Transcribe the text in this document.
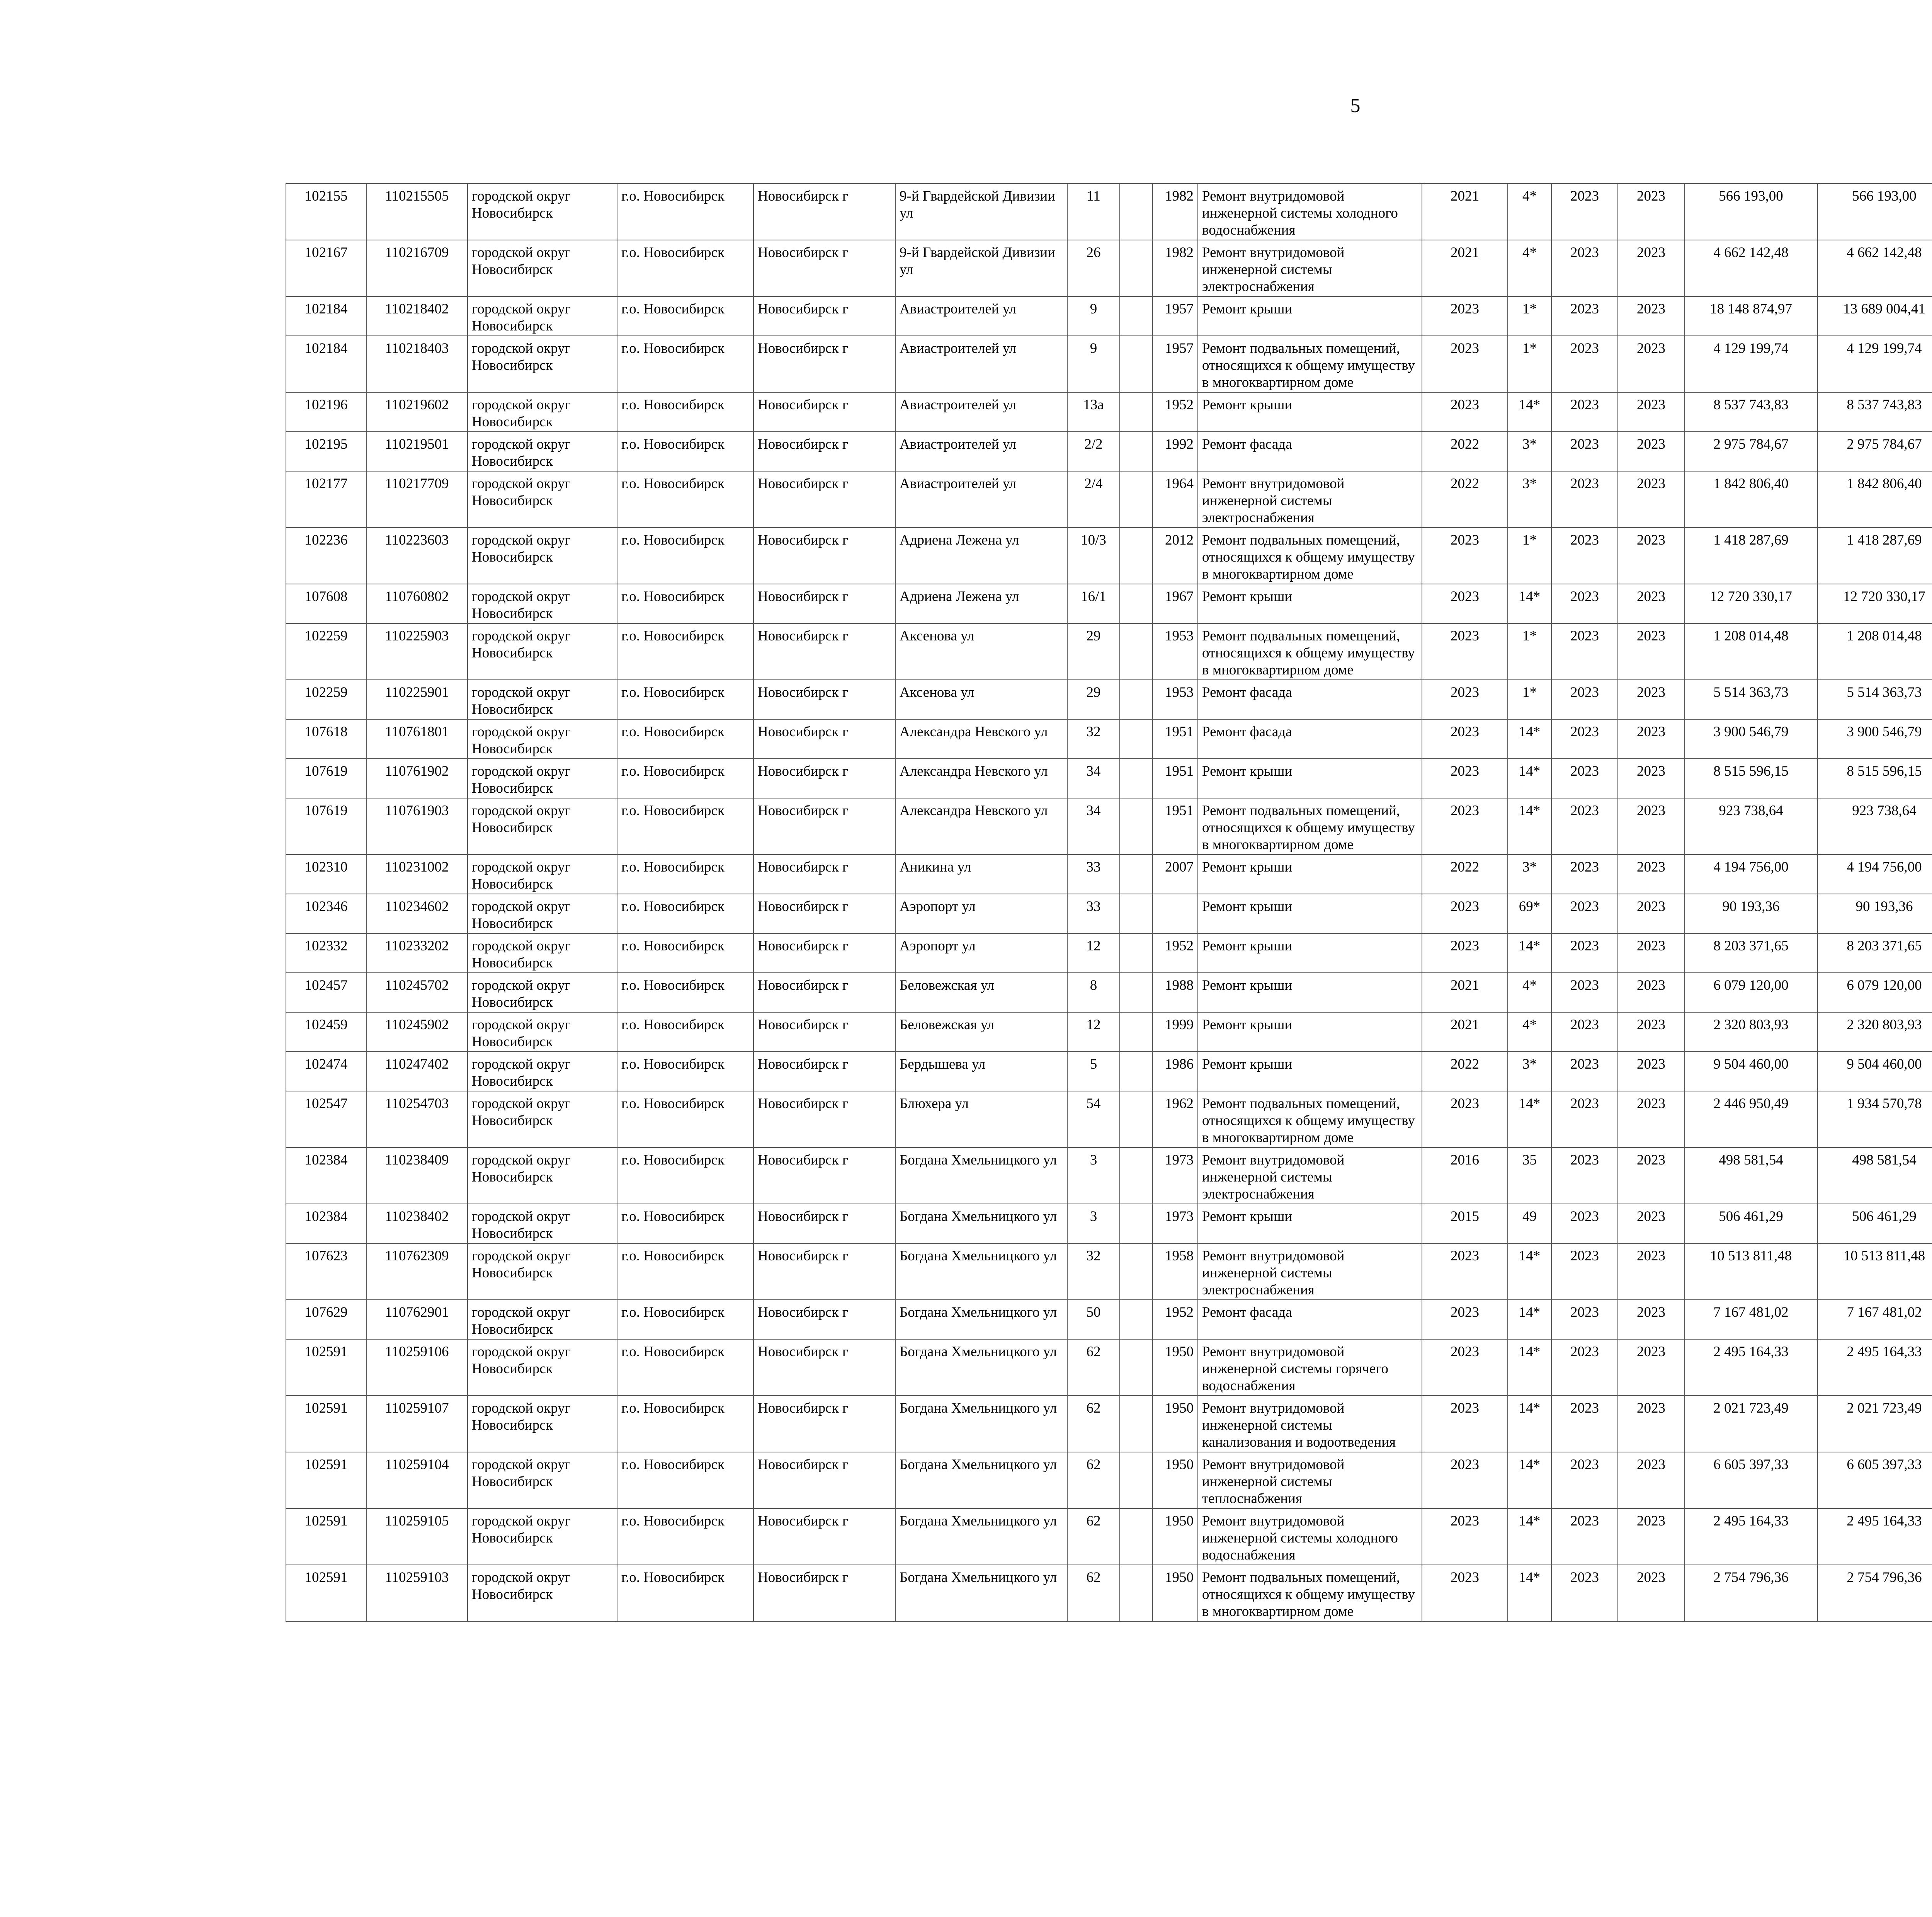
5
102155	110215505	городской округ Новосибирск	г.о. Новосибирск	Новосибирск г	9-й Гвардейской Дивизии ул	11		1982	Ремонт внутридомовой инженерной системы холодного водоснабжения	2021	4*	2023	2023	566 193,00	566 193,00						
102167	110216709	городской округ Новосибирск	г.о. Новосибирск	Новосибирск г	9-й Гвардейской Дивизии ул	26		1982	Ремонт внутридомовой инженерной системы электроснабжения	2021	4*	2023	2023	4 662 142,48	4 662 142,48						
102184	110218402	городской округ Новосибирск	г.о. Новосибирск	Новосибирск г	Авиастроителей ул	9		1957	Ремонт крыши	2023	1*	2023	2023	18 148 874,97	13 689 004,41						
102184	110218403	городской округ Новосибирск	г.о. Новосибирск	Новосибирск г	Авиастроителей ул	9		1957	Ремонт подвальных помещений, относящихся к общему имуществу в многоквартирном доме	2023	1*	2023	2023	4 129 199,74	4 129 199,74						
102196	110219602	городской округ Новосибирск	г.о. Новосибирск	Новосибирск г	Авиастроителей ул	13а		1952	Ремонт крыши	2023	14*	2023	2023	8 537 743,83	8 537 743,83						
102195	110219501	городской округ Новосибирск	г.о. Новосибирск	Новосибирск г	Авиастроителей ул	2/2		1992	Ремонт фасада	2022	3*	2023	2023	2 975 784,67	2 975 784,67						
102177	110217709	городской округ Новосибирск	г.о. Новосибирск	Новосибирск г	Авиастроителей ул	2/4		1964	Ремонт внутридомовой инженерной системы электроснабжения	2022	3*	2023	2023	1 842 806,40	1 842 806,40						
102236	110223603	городской округ Новосибирск	г.о. Новосибирск	Новосибирск г	Адриена Лежена ул	10/3		2012	Ремонт подвальных помещений, относящихся к общему имуществу в многоквартирном доме	2023	1*	2023	2023	1 418 287,69	1 418 287,69						
107608	110760802	городской округ Новосибирск	г.о. Новосибирск	Новосибирск г	Адриена Лежена ул	16/1		1967	Ремонт крыши	2023	14*	2023	2023	12 720 330,17	12 720 330,17						
102259	110225903	городской округ Новосибирск	г.о. Новосибирск	Новосибирск г	Аксенова ул	29		1953	Ремонт подвальных помещений, относящихся к общему имуществу в многоквартирном доме	2023	1*	2023	2023	1 208 014,48	1 208 014,48						
102259	110225901	городской округ Новосибирск	г.о. Новосибирск	Новосибирск г	Аксенова ул	29		1953	Ремонт фасада	2023	1*	2023	2023	5 514 363,73	5 514 363,73						
107618	110761801	городской округ Новосибирск	г.о. Новосибирск	Новосибирск г	Александра Невского ул	32		1951	Ремонт фасада	2023	14*	2023	2023	3 900 546,79	3 900 546,79						
107619	110761902	городской округ Новосибирск	г.о. Новосибирск	Новосибирск г	Александра Невского ул	34		1951	Ремонт крыши	2023	14*	2023	2023	8 515 596,15	8 515 596,15						
107619	110761903	городской округ Новосибирск	г.о. Новосибирск	Новосибирск г	Александра Невского ул	34		1951	Ремонт подвальных помещений, относящихся к общему имуществу в многоквартирном доме	2023	14*	2023	2023	923 738,64	923 738,64						
102310	110231002	городской округ Новосибирск	г.о. Новосибирск	Новосибирск г	Аникина ул	33		2007	Ремонт крыши	2022	3*	2023	2023	4 194 756,00	4 194 756,00						
102346	110234602	городской округ Новосибирск	г.о. Новосибирск	Новосибирск г	Аэропорт ул	33			Ремонт крыши	2023	69*	2023	2023	90 193,36	90 193,36						
102332	110233202	городской округ Новосибирск	г.о. Новосибирск	Новосибирск г	Аэропорт ул	12		1952	Ремонт крыши	2023	14*	2023	2023	8 203 371,65	8 203 371,65						
102457	110245702	городской округ Новосибирск	г.о. Новосибирск	Новосибирск г	Беловежская ул	8		1988	Ремонт крыши	2021	4*	2023	2023	6 079 120,00	6 079 120,00						
102459	110245902	городской округ Новосибирск	г.о. Новосибирск	Новосибирск г	Беловежская ул	12		1999	Ремонт крыши	2021	4*	2023	2023	2 320 803,93	2 320 803,93						
102474	110247402	городской округ Новосибирск	г.о. Новосибирск	Новосибирск г	Бердышева ул	5		1986	Ремонт крыши	2022	3*	2023	2023	9 504 460,00	9 504 460,00						
102547	110254703	городской округ Новосибирск	г.о. Новосибирск	Новосибирск г	Блюхера ул	54		1962	Ремонт подвальных помещений, относящихся к общему имуществу в многоквартирном доме	2023	14*	2023	2023	2 446 950,49	1 934 570,78						
102384	110238409	городской округ Новосибирск	г.о. Новосибирск	Новосибирск г	Богдана Хмельницкого ул	3		1973	Ремонт внутридомовой инженерной системы электроснабжения	2016	35	2023	2023	498 581,54	498 581,54						
102384	110238402	городской округ Новосибирск	г.о. Новосибирск	Новосибирск г	Богдана Хмельницкого ул	3		1973	Ремонт крыши	2015	49	2023	2023	506 461,29	506 461,29						
107623	110762309	городской округ Новосибирск	г.о. Новосибирск	Новосибирск г	Богдана Хмельницкого ул	32		1958	Ремонт внутридомовой инженерной системы электроснабжения	2023	14*	2023	2023	10 513 811,48	10 513 811,48						
107629	110762901	городской округ Новосибирск	г.о. Новосибирск	Новосибирск г	Богдана Хмельницкого ул	50		1952	Ремонт фасада	2023	14*	2023	2023	7 167 481,02	7 167 481,02						
102591	110259106	городской округ Новосибирск	г.о. Новосибирск	Новосибирск г	Богдана Хмельницкого ул	62		1950	Ремонт внутридомовой инженерной системы горячего водоснабжения	2023	14*	2023	2023	2 495 164,33	2 495 164,33						
102591	110259107	городской округ Новосибирск	г.о. Новосибирск	Новосибирск г	Богдана Хмельницкого ул	62		1950	Ремонт внутридомовой инженерной системы канализования и водоотведения	2023	14*	2023	2023	2 021 723,49	2 021 723,49						
102591	110259104	городской округ Новосибирск	г.о. Новосибирск	Новосибирск г	Богдана Хмельницкого ул	62		1950	Ремонт внутридомовой инженерной системы теплоснабжения	2023	14*	2023	2023	6 605 397,33	6 605 397,33						
102591	110259105	городской округ Новосибирск	г.о. Новосибирск	Новосибирск г	Богдана Хмельницкого ул	62		1950	Ремонт внутридомовой инженерной системы холодного водоснабжения	2023	14*	2023	2023	2 495 164,33	2 495 164,33						
102591	110259103	городской округ Новосибирск	г.о. Новосибирск	Новосибирск г	Богдана Хмельницкого ул	62		1950	Ремонт подвальных помещений, относящихся к общему имуществу в многоквартирном доме	2023	14*	2023	2023	2 754 796,36	2 754 796,36						
